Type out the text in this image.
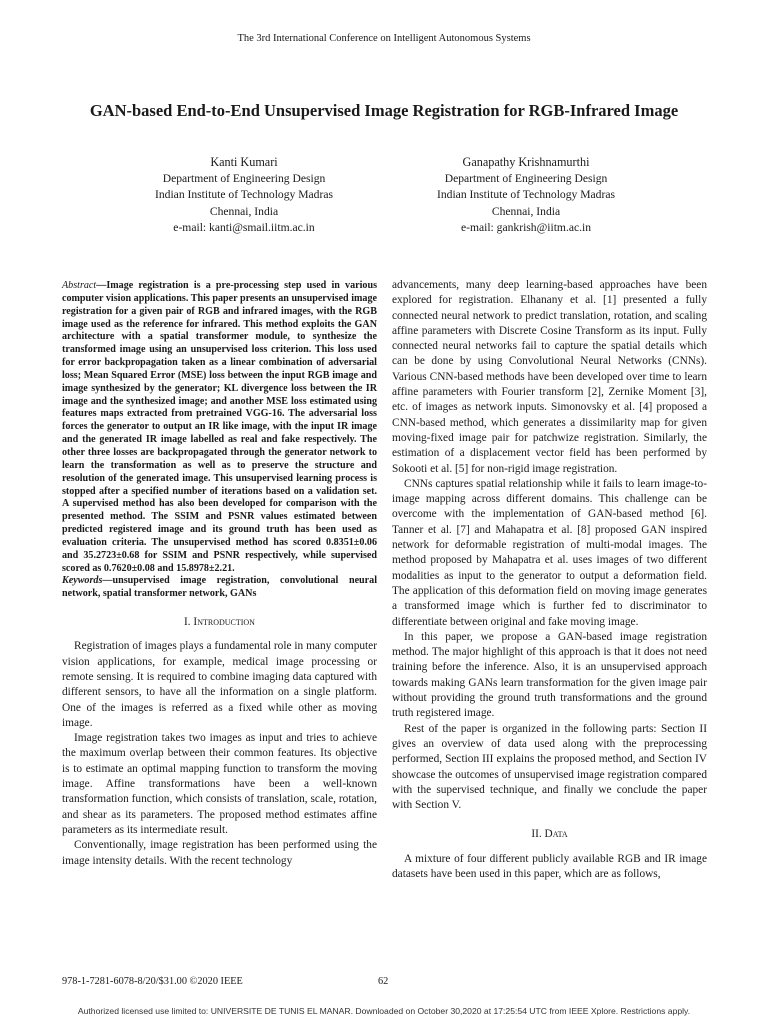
The 3rd International Conference on Intelligent Autonomous Systems
GAN-based End-to-End Unsupervised Image Registration for RGB-Infrared Image
Kanti Kumari
Department of Engineering Design
Indian Institute of Technology Madras
Chennai, India
e-mail: kanti@smail.iitm.ac.in
Ganapathy Krishnamurthi
Department of Engineering Design
Indian Institute of Technology Madras
Chennai, India
e-mail: gankrish@iitm.ac.in

Abstract—Image registration is a pre-processing step used in various computer vision applications. This paper presents an unsupervised image registration for a given pair of RGB and infrared images, with the RGB image used as the reference for infrared. This method exploits the GAN architecture with a spatial transformer module, to synthesize the transformed image using an unsupervised loss criterion. This loss used for error backpropagation taken as a linear combination of adversarial loss; Mean Squared Error (MSE) loss between the input RGB image and image synthesized by the generator; KL divergence loss between the IR image and the synthesized image; and another MSE loss estimated using features maps extracted from pretrained VGG-16. The adversarial loss forces the generator to output an IR like image, with the input IR image and the generated IR image labelled as real and fake respectively. The other three losses are backpropagated through the generator network to learn the transformation as well as to preserve the structure and resolution of the generated image. This unsupervised learning process is stopped after a specified number of iterations based on a validation set. A supervised method has also been developed for comparison with the presented method. The SSIM and PSNR values estimated between predicted registered image and its ground truth has been used as evaluation criteria. The unsupervised method has scored 0.8351±0.06 and 35.2723±0.68 for SSIM and PSNR respectively, while supervised scored as 0.7620±0.08 and 15.8978±2.21.

Keywords—unsupervised image registration, convolutional neural network, spatial transformer network, GANs

I. Introduction

Registration of images plays a fundamental role in many computer vision applications, for example, medical image processing or remote sensing. It is required to combine imaging data captured with different sensors, to have all the information on a single platform. One of the images is referred as a fixed while other as moving image.

Image registration takes two images as input and tries to achieve the maximum overlap between their common features. Its objective is to estimate an optimal mapping function to transform the moving image. Affine transformations have been a well-known transformation function, which consists of translation, scale, rotation, and shear as its parameters. The proposed method estimates affine parameters as its intermediate result.

Conventionally, image registration has been performed using the image intensity details. With the recent technology

advancements, many deep learning-based approaches have been explored for registration. Elhanany et al. [1] presented a fully connected neural network to predict translation, rotation, and scaling affine parameters with Discrete Cosine Transform as its input. Fully connected neural networks fail to capture the spatial details which can be done by using Convolutional Neural Networks (CNNs). Various CNN-based methods have been developed over time to learn affine parameters with Fourier transform [2], Zernike Moment [3], etc. of images as network inputs. Simonovsky et al. [4] proposed a CNN-based method, which generates a dissimilarity map for given moving-fixed image pair for patchwize registration. Similarly, the estimation of a displacement vector field has been performed by Sokooti et al. [5] for non-rigid image registration.

CNNs captures spatial relationship while it fails to learn image-to-image mapping across different domains. This challenge can be overcome with the implementation of GAN-based method [6]. Tanner et al. [7] and Mahapatra et al. [8] proposed GAN inspired network for deformable registration of multi-modal images. The method proposed by Mahapatra et al. uses images of two different modalities as input to the generator to output a deformation field. The application of this deformation field on moving image generates a transformed image which is further fed to discriminator to differentiate between original and fake moving image.

In this paper, we propose a GAN-based image registration method. The major highlight of this approach is that it does not need training before the inference. Also, it is an unsupervised approach towards making GANs learn transformation for the given image pair without providing the ground truth transformations and the ground truth registered image.

Rest of the paper is organized in the following parts: Section II gives an overview of data used along with the preprocessing performed, Section III explains the proposed method, and Section IV showcase the outcomes of unsupervised image registration compared with the supervised technique, and finally we conclude the paper with Section V.

II. Data

A mixture of four different publicly available RGB and IR image datasets have been used in this paper, which are as follows,

978-1-7281-6078-8/20/$31.00 ©2020 IEEE	62
Authorized licensed use limited to: UNIVERSITE DE TUNIS EL MANAR. Downloaded on October 30,2020 at 17:25:54 UTC from IEEE Xplore. Restrictions apply.
